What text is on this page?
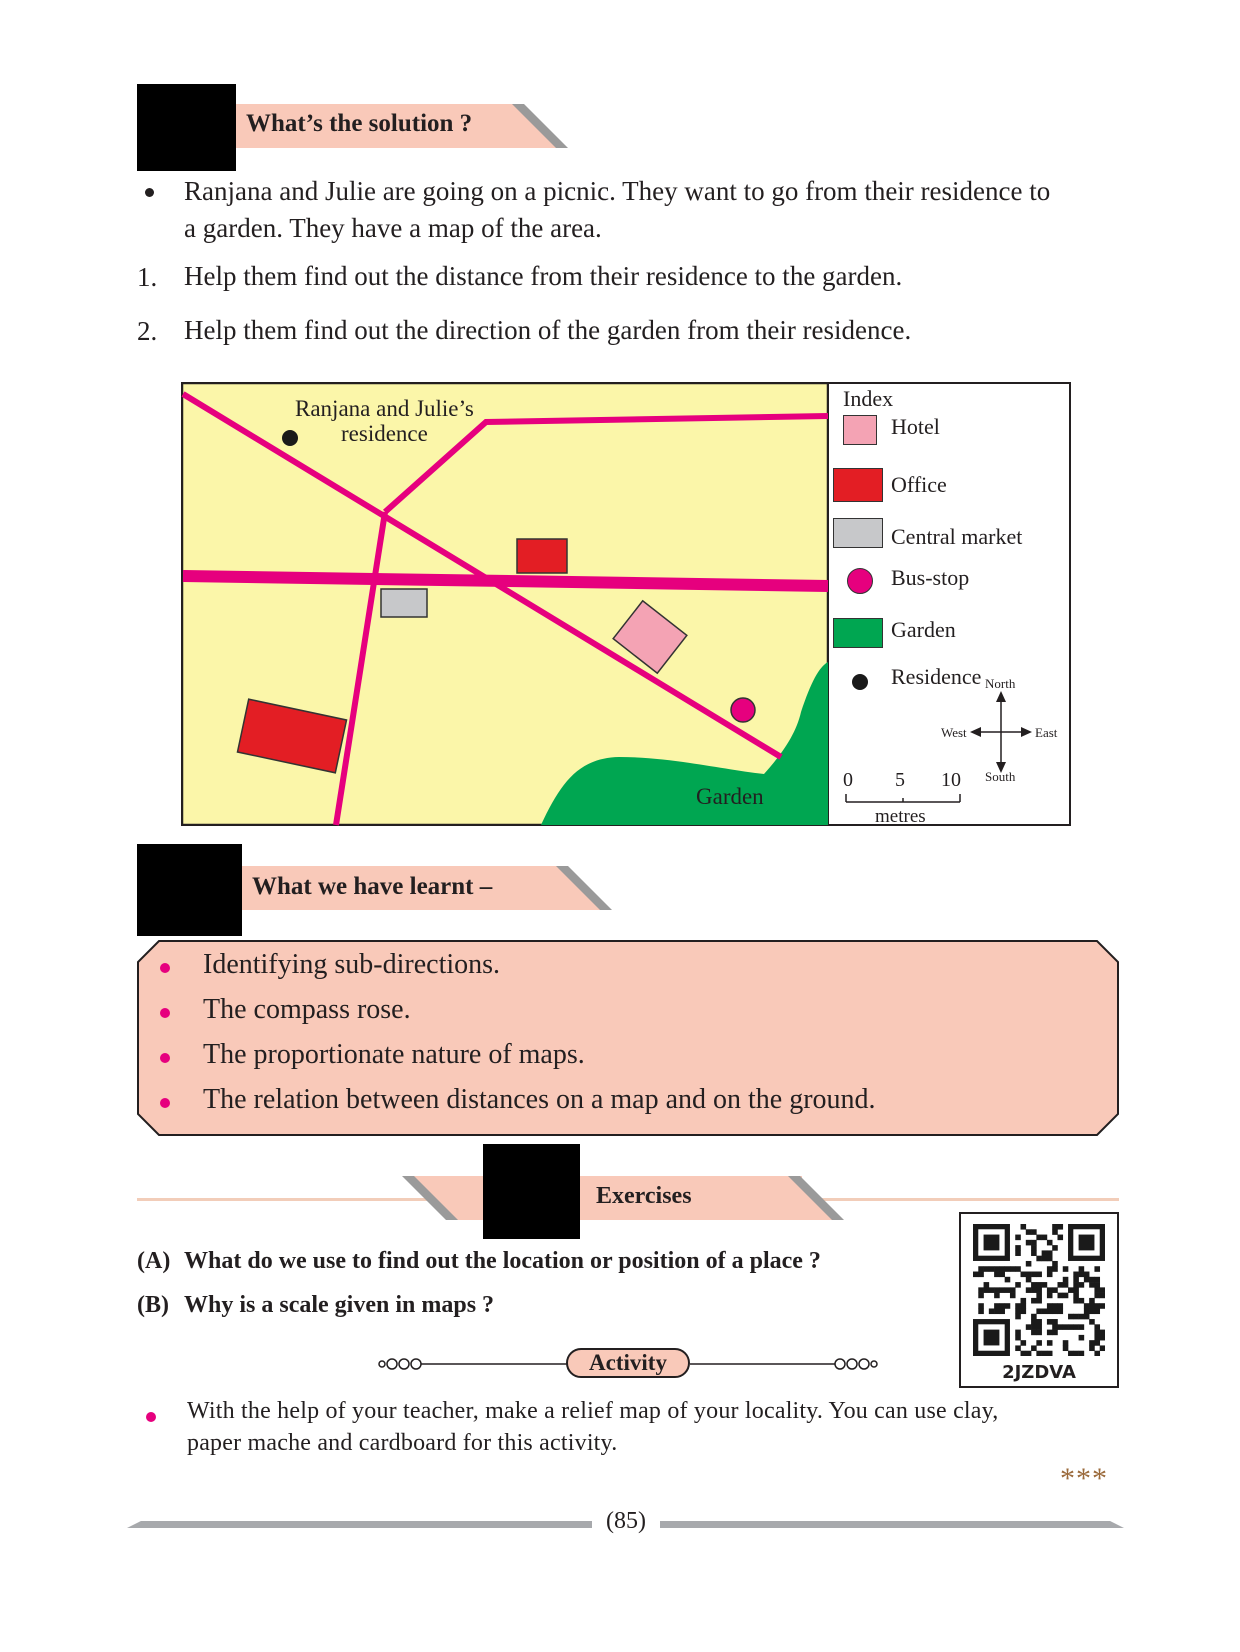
What’s the solution ?
Ranjana and Julie are going on a picnic. They want to go from their residence to a garden. They have a map of the area.
1. Help them find out the distance from their residence to the garden.
2. Help them find out the direction of the garden from their residence.
Ranjana and Julie’s
residence
Garden
Index
Hotel
Office
Central market
Bus-stop
Garden
Residence North
West	East
South
0 5 10
metres
What we have learnt –
Identifying sub-directions.
The compass rose.
The proportionate nature of maps.
The relation between distances on a map and on the ground.
Exercises
(A) What do we use to find out the location or position of a place ?
(B) Why is a scale given in maps ?
Activity
With the help of your teacher, make a relief map of your locality. You can use clay,
paper mache and cardboard for this activity.
2JZDVA
***
(85)
